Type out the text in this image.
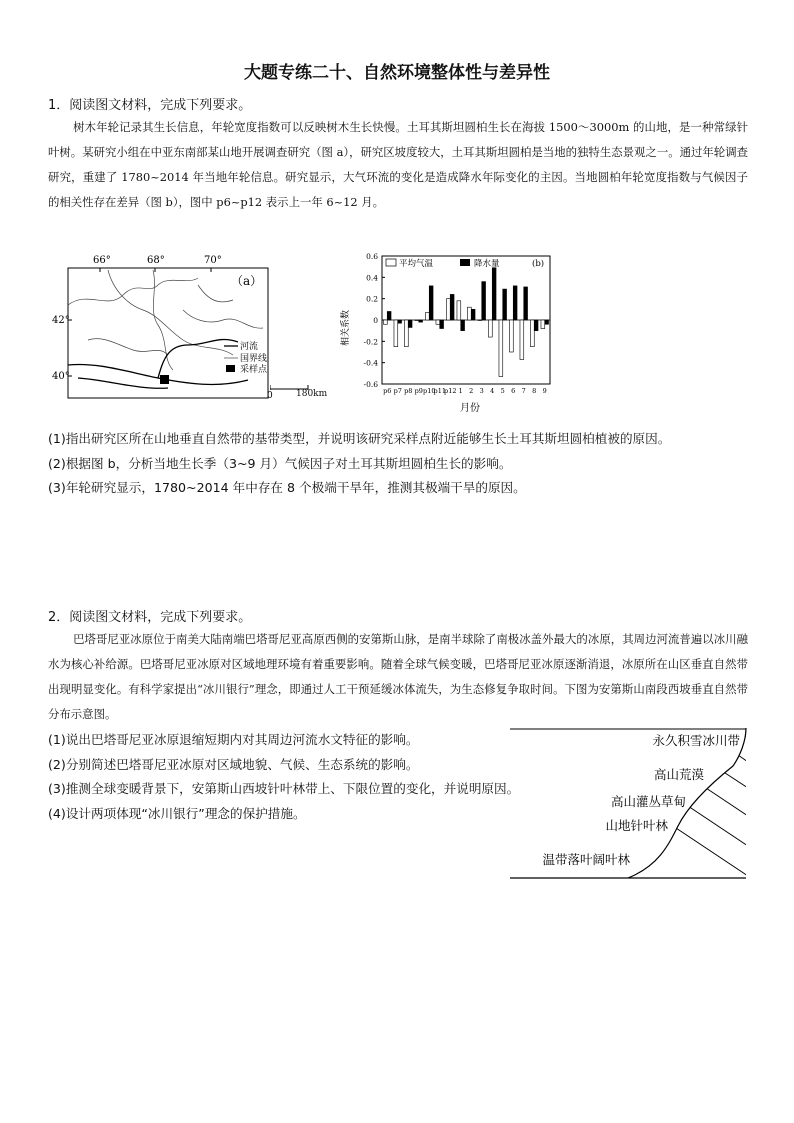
大题专练二十、自然环境整体性与差异性
1．阅读图文材料，完成下列要求。

树木年轮记录其生长信息，年轮宽度指数可以反映树木生长快慢。土耳其斯坦圆柏生长在海拔 1500～3000m 的山地，是一种常绿针叶树。某研究小组在中亚东南部某山地开展调查研究（图 a），研究区坡度较大，土耳其斯坦圆柏是当地的独特生态景观之一。通过年轮调查研究，重建了 1780~2014 年当地年轮信息。研究显示，大气环流的变化是造成降水年际变化的主因。当地圆柏年轮宽度指数与气候因子的相关性存在差异（图 b），图中 p6~p12 表示上一年 6~12 月。

66°	68°	70°
42°
40°
（a）
河流
国界线
采样点
0	180km
相关系数
月份
0.6
0.4
0.2
0
-0.2
-0.4
-0.6
p6 p7 p8 p9 p10
p11
p12 1 2 3 4 5 6 7 8 9
平均气温	降水量	(b)
(1)指出研究区所在山地垂直自然带的基带类型，并说明该研究采样点附近能够生长土耳其斯坦圆柏植被的原因。
(2)根据图 b，分析当地生长季（3~9 月）气候因子对土耳其斯坦圆柏生长的影响。
(3)年轮研究显示，1780~2014 年中存在 8 个极端干旱年，推测其极端干旱的原因。
2．阅读图文材料，完成下列要求。

巴塔哥尼亚冰原位于南美大陆南端巴塔哥尼亚高原西侧的安第斯山脉，是南半球除了南极冰盖外最大的冰原，其周边河流普遍以冰川融水为核心补给源。巴塔哥尼亚冰原对区域地理环境有着重要影响。随着全球气候变暖，巴塔哥尼亚冰原逐渐消退，冰原所在山区垂直自然带出现明显变化。有科学家提出“冰川银行”理念，即通过人工干预延缓冰体流失，为生态修复争取时间。下图为安第斯山南段西坡垂直自然带分布示意图。

(1)说出巴塔哥尼亚冰原退缩短期内对其周边河流水文特征的影响。
(2)分别简述巴塔哥尼亚冰原对区域地貌、气候、生态系统的影响。
(3)推测全球变暖背景下，安第斯山西坡针叶林带上、下限位置的变化，并说明原因。
(4)设计两项体现“冰川银行”理念的保护措施。
永久积雪冰川带
高山荒漠
高山灌丛草甸
山地针叶林
温带落叶阔叶林
